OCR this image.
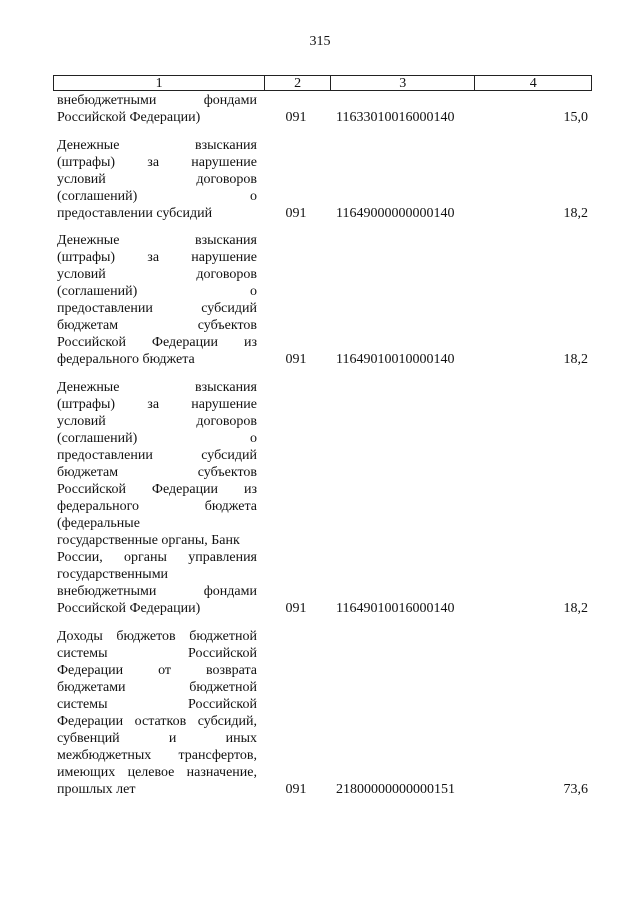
315
1	2	3	4
внебюджетными фондами
Российской Федерации)	091	11633010016000140	15,0
Денежные взыскания
(штрафы) за нарушение
условий договоров
(соглашений) о
предоставлении субсидий	091	11649000000000140	18,2
Денежные взыскания
(штрафы) за нарушение
условий договоров
(соглашений) о
предоставлении субсидий
бюджетам субъектов
Российской Федерации из
федерального бюджета	091	11649010010000140	18,2
Денежные взыскания
(штрафы) за нарушение
условий договоров
(соглашений) о
предоставлении субсидий
бюджетам субъектов
Российской Федерации из
федерального бюджета
(федеральные
государственные органы, Банк
России, органы управления
государственными
внебюджетными фондами
Российской Федерации)	091	11649010016000140	18,2
Доходы бюджетов бюджетной
системы Российской
Федерации от возврата
бюджетами бюджетной
системы Российской
Федерации остатков субсидий,
субвенций и иных
межбюджетных трансфертов,
имеющих целевое назначение,
прошлых лет	091	21800000000000151	73,6
